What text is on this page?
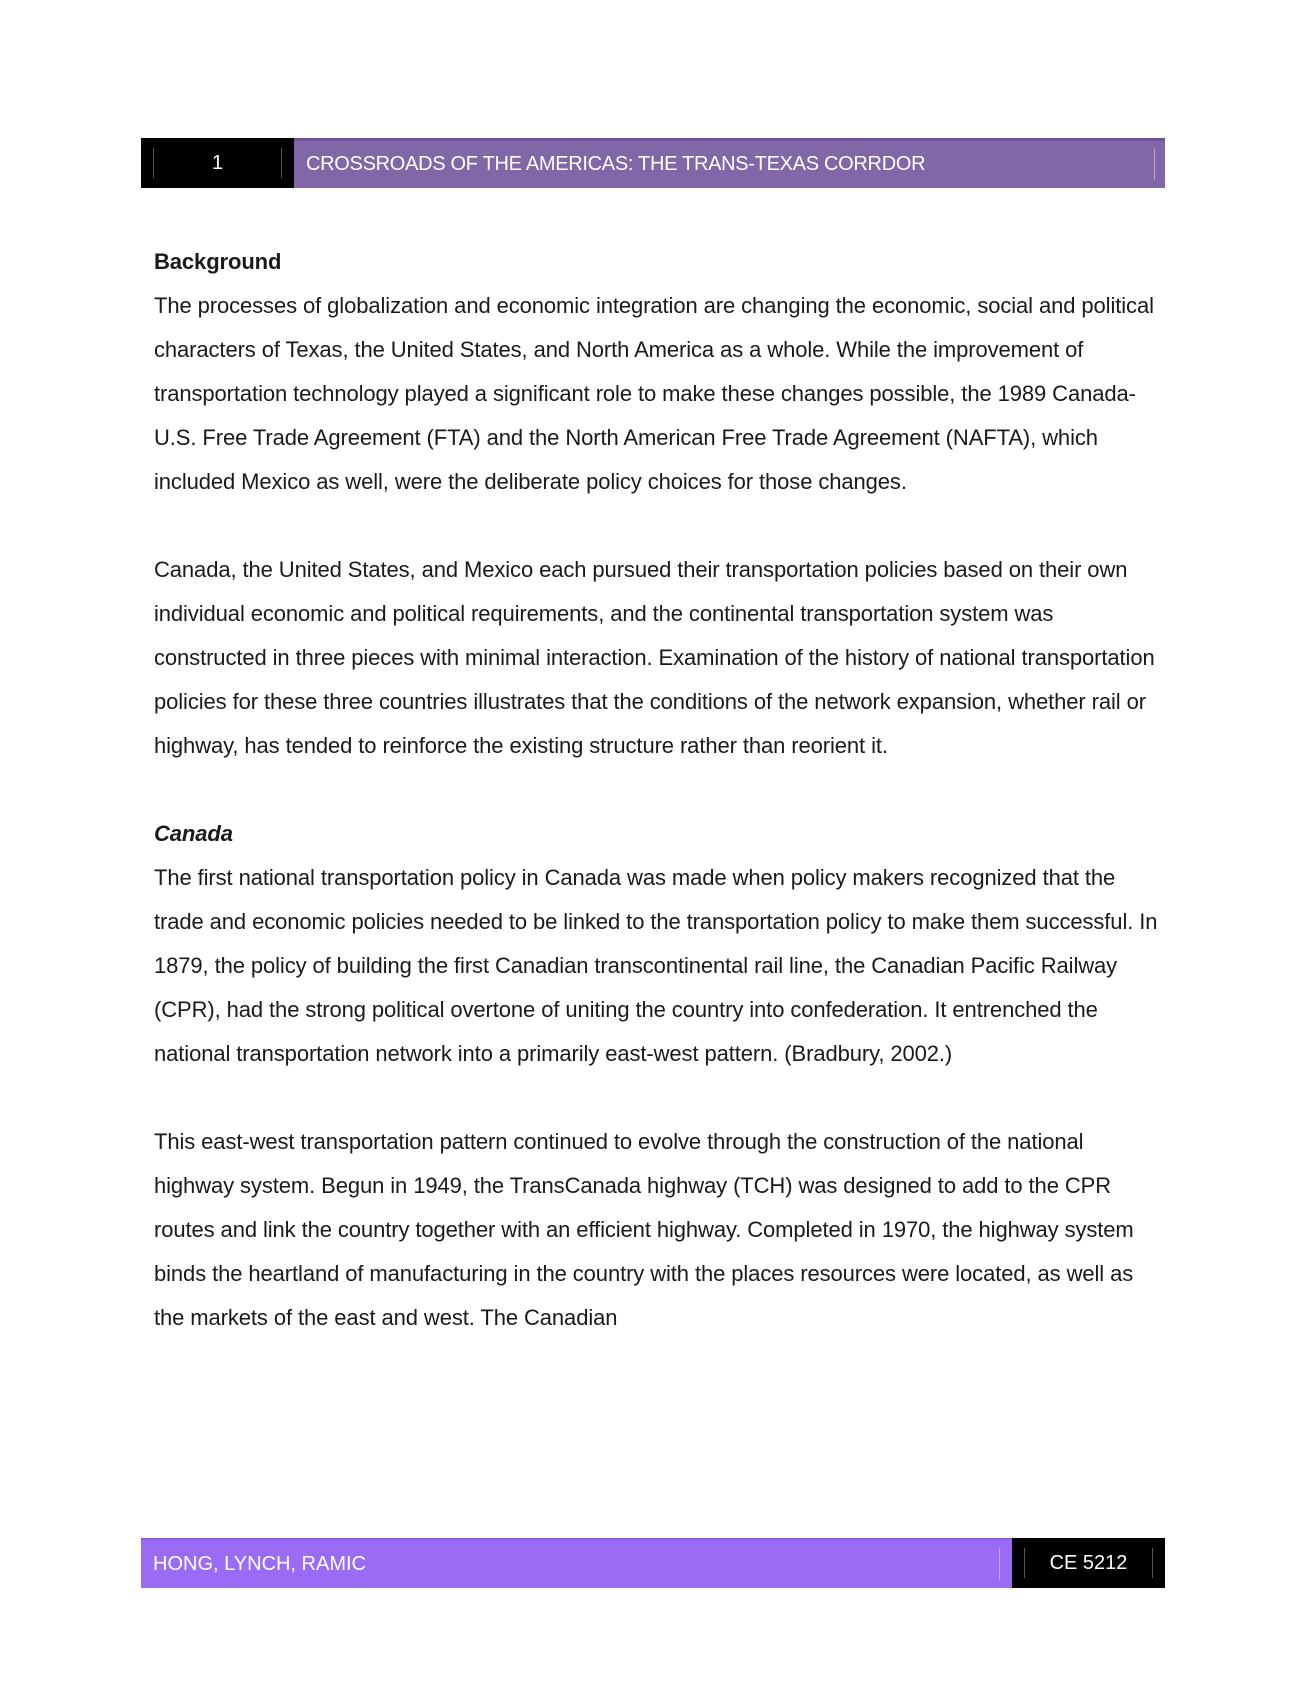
1	CROSSROADS OF THE AMERICAS: THE TRANS-TEXAS CORRDOR
Background

The processes of globalization and economic integration are changing the economic, social and political characters of Texas, the United States, and North America as a whole. While the improvement of transportation technology played a significant role to make these changes possible, the 1989 Canada-U.S. Free Trade Agreement (FTA) and the North American Free Trade Agreement (NAFTA), which included Mexico as well, were the deliberate policy choices for those changes.

Canada, the United States, and Mexico each pursued their transportation policies based on their own individual economic and political requirements, and the continental transportation system was constructed in three pieces with minimal interaction. Examination of the history of national transportation policies for these three countries illustrates that the conditions of the network expansion, whether rail or highway, has tended to reinforce the existing structure rather than reorient it.

Canada

The first national transportation policy in Canada was made when policy makers recognized that the trade and economic policies needed to be linked to the transportation policy to make them successful. In 1879, the policy of building the first Canadian transcontinental rail line, the Canadian Pacific Railway (CPR), had the strong political overtone of uniting the country into confederation. It entrenched the national transportation network into a primarily east-west pattern. (Bradbury, 2002.)

This east-west transportation pattern continued to evolve through the construction of the national highway system. Begun in 1949, the TransCanada highway (TCH) was designed to add to the CPR routes and link the country together with an efficient highway. Completed in 1970, the highway system binds the heartland of manufacturing in the country with the places resources were located, as well as the markets of the east and west. The Canadian

HONG, LYNCH, RAMIC	CE 5212
